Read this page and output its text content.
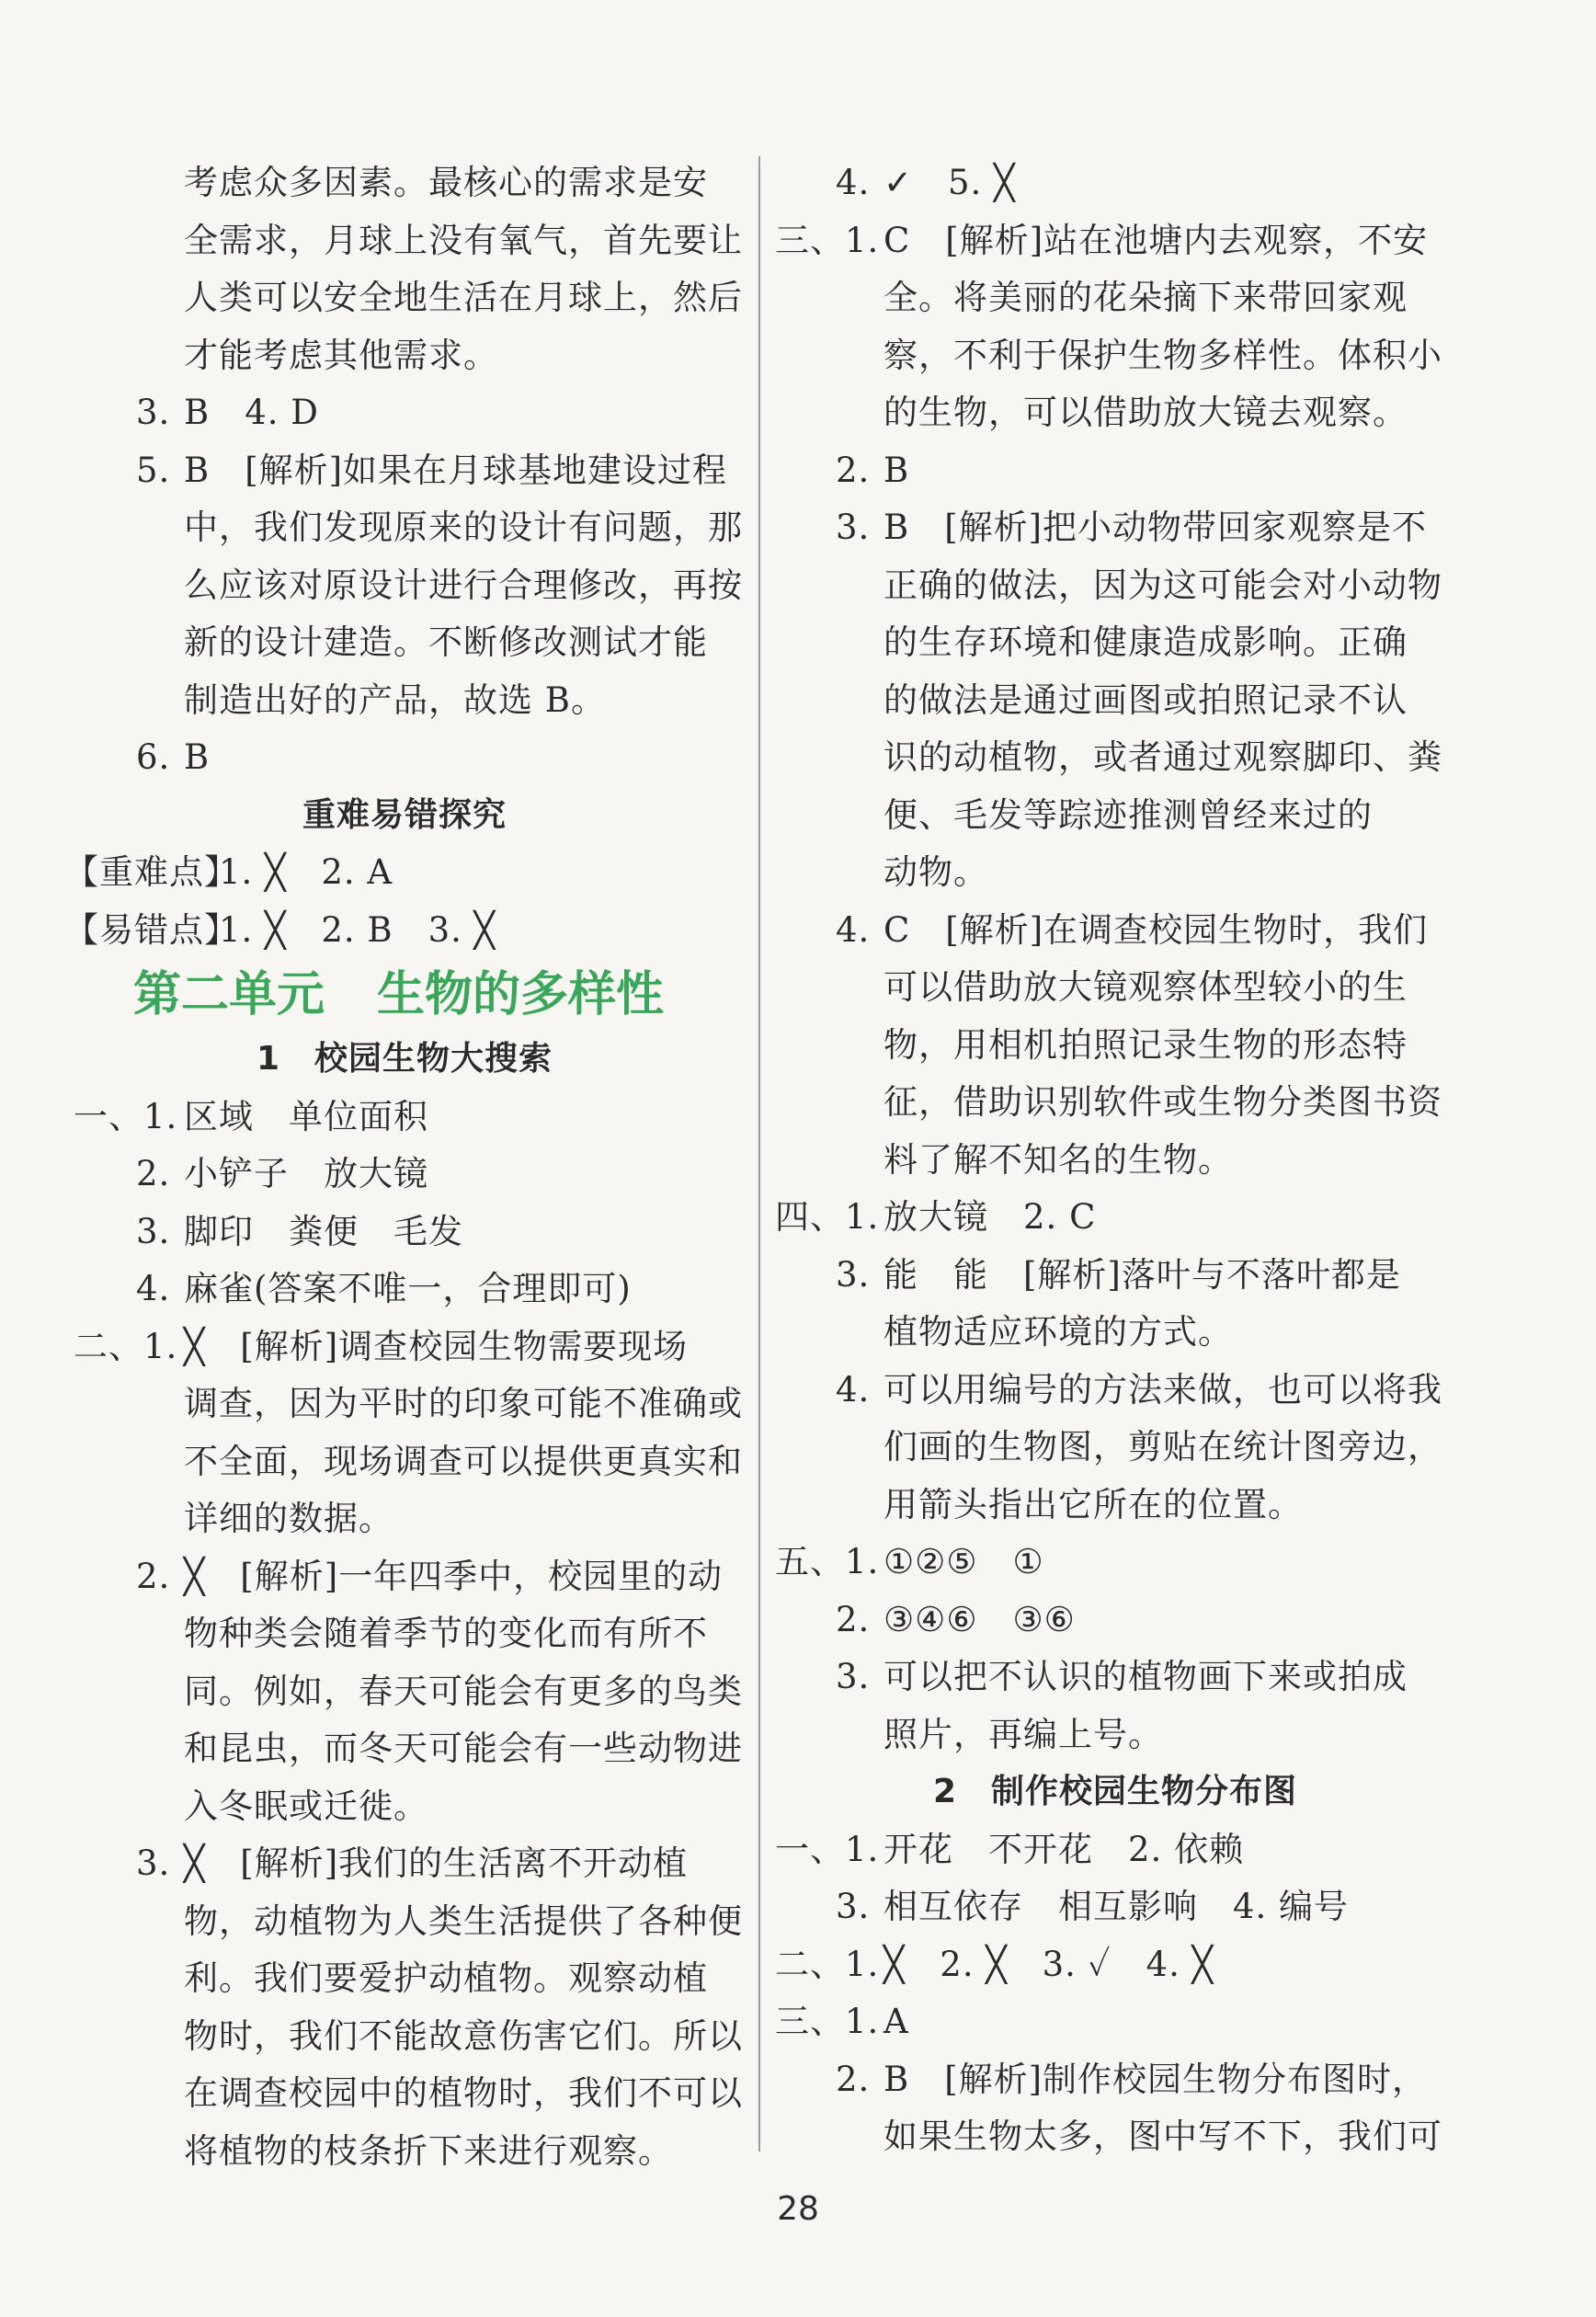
考虑众多因素。最核心的需求是安
全需求，月球上没有氧气，首先要让
人类可以安全地生活在月球上，然后
才能考虑其他需求。
3. B　4. D
5. B　[解析]如果在月球基地建设过程
中，我们发现原来的设计有问题，那
么应该对原设计进行合理修改，再按
新的设计建造。不断修改测试才能
制造出好的产品，故选 B。
6. B
重难易错探究
【重难点】
1. ╳　2. A
【易错点】
1. ╳　2. B　3. ╳
第二单元 生物的多样性
1　校园生物大搜索
一、1. 区域　单位面积
2. 小铲子　放大镜
3. 脚印　粪便　毛发
4. 麻雀(答案不唯一，合理即可)
二、1. ╳　[解析]调查校园生物需要现场
调查，因为平时的印象可能不准确或
不全面，现场调查可以提供更真实和
详细的数据。
2. ╳　[解析]一年四季中，校园里的动
物种类会随着季节的变化而有所不
同。例如，春天可能会有更多的鸟类
和昆虫，而冬天可能会有一些动物进
入冬眠或迁徙。
3. ╳　[解析]我们的生活离不开动植
物，动植物为人类生活提供了各种便
利。我们要爱护动植物。观察动植
物时，我们不能故意伤害它们。所以
在调查校园中的植物时，我们不可以
将植物的枝条折下来进行观察。
4. ✓　5. ╳
三、1. C　[解析]站在池塘内去观察，不安
全。将美丽的花朵摘下来带回家观
察，不利于保护生物多样性。体积小
的生物，可以借助放大镜去观察。
2. B
3. B　[解析]把小动物带回家观察是不
正确的做法，因为这可能会对小动物
的生存环境和健康造成影响。正确
的做法是通过画图或拍照记录不认
识的动植物，或者通过观察脚印、粪
便、毛发等踪迹推测曾经来过的
动物。
4. C　[解析]在调查校园生物时，我们
可以借助放大镜观察体型较小的生
物，用相机拍照记录生物的形态特
征，借助识别软件或生物分类图书资
料了解不知名的生物。
四、1. 放大镜　2. C
3. 能　能　[解析]落叶与不落叶都是
植物适应环境的方式。
4. 可以用编号的方法来做，也可以将我
们画的生物图，剪贴在统计图旁边，
用箭头指出它所在的位置。
五、1. ①②⑤　①
2. ③④⑥　③⑥
3. 可以把不认识的植物画下来或拍成
照片，再编上号。
2　制作校园生物分布图
一、1. 开花　不开花　2. 依赖
3. 相互依存　相互影响　4. 编号
二、1. ╳　2. ╳　3. ✓　4. ╳
三、1. A
2. B　[解析]制作校园生物分布图时，
如果生物太多，图中写不下，我们可
28
